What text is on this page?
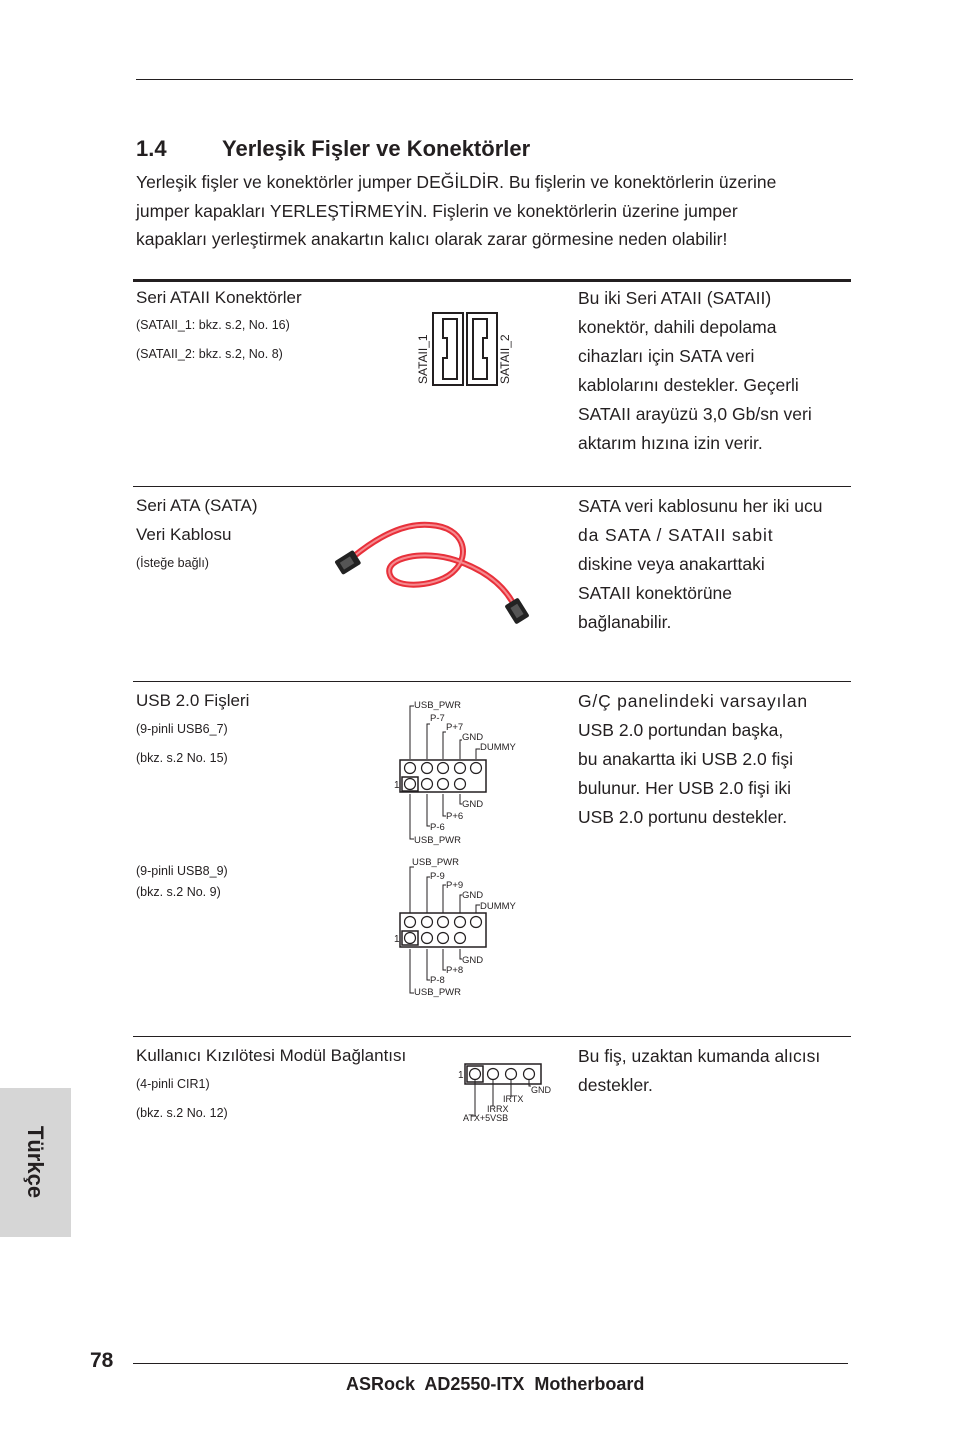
1.4	Yerleşik Fişler ve Konektörler
Yerleşik fişler ve konektörler jumper DEĞİLDİR. Bu fişlerin ve konektörlerin üzerine
jumper kapakları YERLEŞTİRMEYİN. Fişlerin ve konektörlerin üzerine jumper
kapakları yerleştirmek anakartın kalıcı olarak zarar görmesine neden olabilir!
Seri ATAII Konektörler
(SATAII_1: bkz. s.2, No. 16)
(SATAII_2: bkz. s.2, No. 8)	SATAII_1	SATAII_2
Bu iki Seri ATAII (SATAII)
konektör, dahili depolama
cihazları için SATA veri
kablolarını destekler. Geçerli
SATAII arayüzü 3,0 Gb/sn veri
aktarım hızına izin verir.
Seri ATA (SATA)
Veri Kablosu
(İsteğe bağlı)
SATA veri kablosunu her iki ucu
da SATA / SATAII sabit
diskine veya anakarttaki
SATAII konektörüne
bağlanabilir.
USB 2.0 Fişleri
(9-pinli USB6_7)
(bkz. s.2 No. 15)
(9-pinli USB8_9)
(bkz. s.2 No. 9)
USB_PWR
P-7
P+7
GND
DUMMY
1
GND
P+6
P-6
USB_PWR
USB_PWR
P-9
P+9
GND
DUMMY
1
GND
P+8
P-8
USB_PWR
G/Ç panelindeki varsayılan
USB 2.0 portundan başka,
bu anakartta iki USB 2.0 fişi
bulunur. Her USB 2.0 fişi iki
USB 2.0 portunu destekler.
Kullanıcı Kızılötesi Modül Bağlantısı
(4-pinli CIR1)
(bkz. s.2 No. 12)
1
GND
IRTX
IRRX
ATX+5VSB
Bu fiş, uzaktan kumanda alıcısı
destekler.
Türkçe
78
ASRock  AD2550-ITX  Motherboard
